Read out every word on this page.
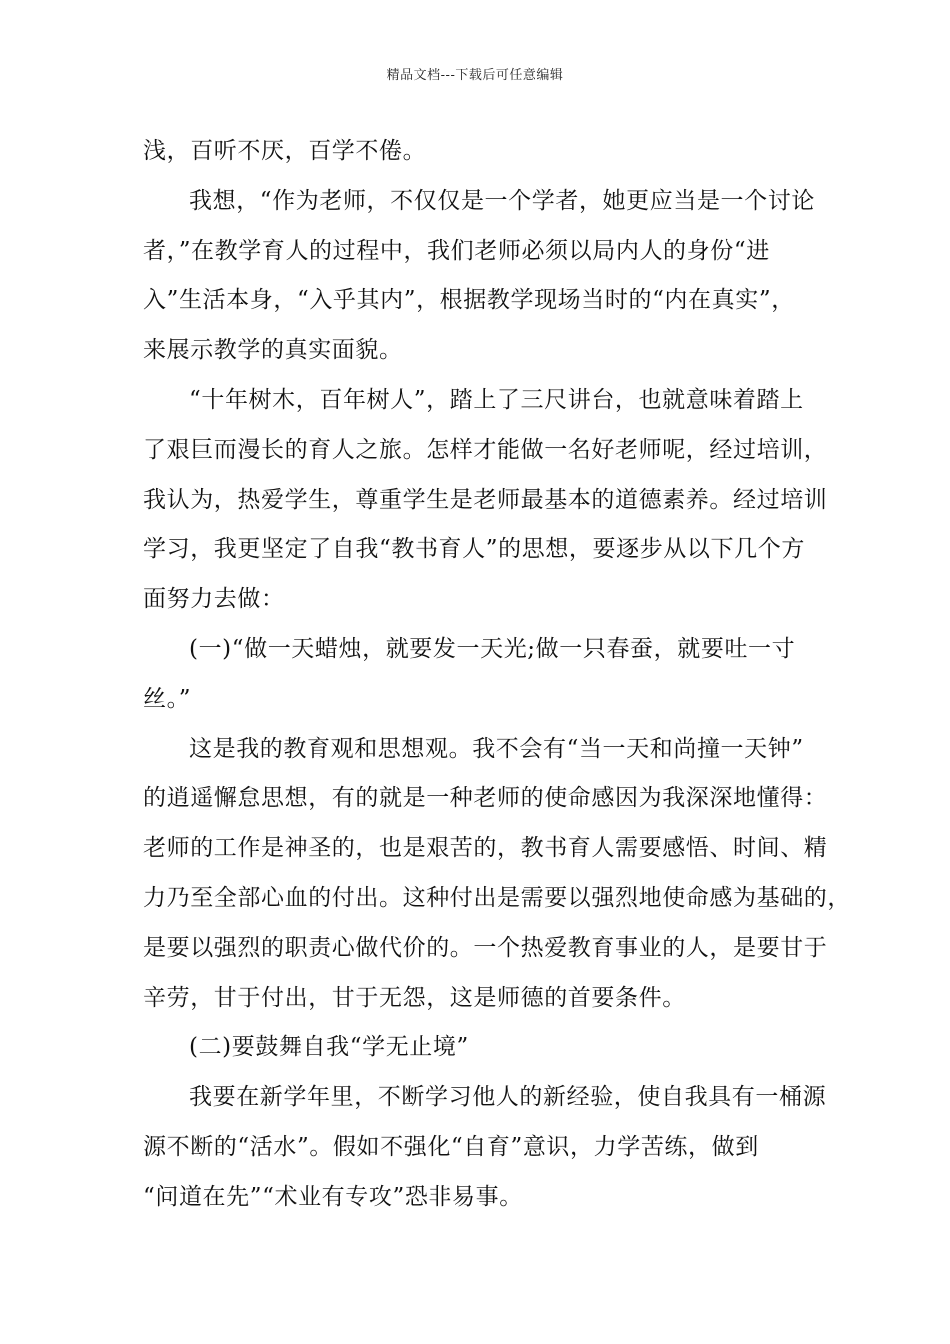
精品文档---下载后可任意编辑
浅，百听不厌，百学不倦。
我想，“作为老师，不仅仅是一个学者，她更应当是一个讨论
者，”在教学育人的过程中，我们老师必须以局内人的身份“进
入”生活本身，“入乎其内”，根据教学现场当时的“内在真实”，
来展示教学的真实面貌。
“十年树木，百年树人”，踏上了三尺讲台，也就意味着踏上
了艰巨而漫长的育人之旅。怎样才能做一名好老师呢，经过培训，
我认为，热爱学生，尊重学生是老师最基本的道德素养。经过培训
学习，我更坚定了自我“教书育人”的思想，要逐步从以下几个方
面努力去做：
(一)“做一天蜡烛，就要发一天光;做一只春蚕，就要吐一寸
丝。”
这是我的教育观和思想观。我不会有“当一天和尚撞一天钟”
的逍遥懈怠思想，有的就是一种老师的使命感因为我深深地懂得：
老师的工作是神圣的，也是艰苦的，教书育人需要感悟、时间、精
力乃至全部心血的付出。这种付出是需要以强烈地使命感为基础的，
是要以强烈的职责心做代价的。一个热爱教育事业的人，是要甘于
辛劳，甘于付出，甘于无怨，这是师德的首要条件。
(二)要鼓舞自我“学无止境”
我要在新学年里，不断学习他人的新经验，使自我具有一桶源
源不断的“活水”。假如不强化“自育”意识，力学苦练，做到
“问道在先”“术业有专攻”恐非易事。
